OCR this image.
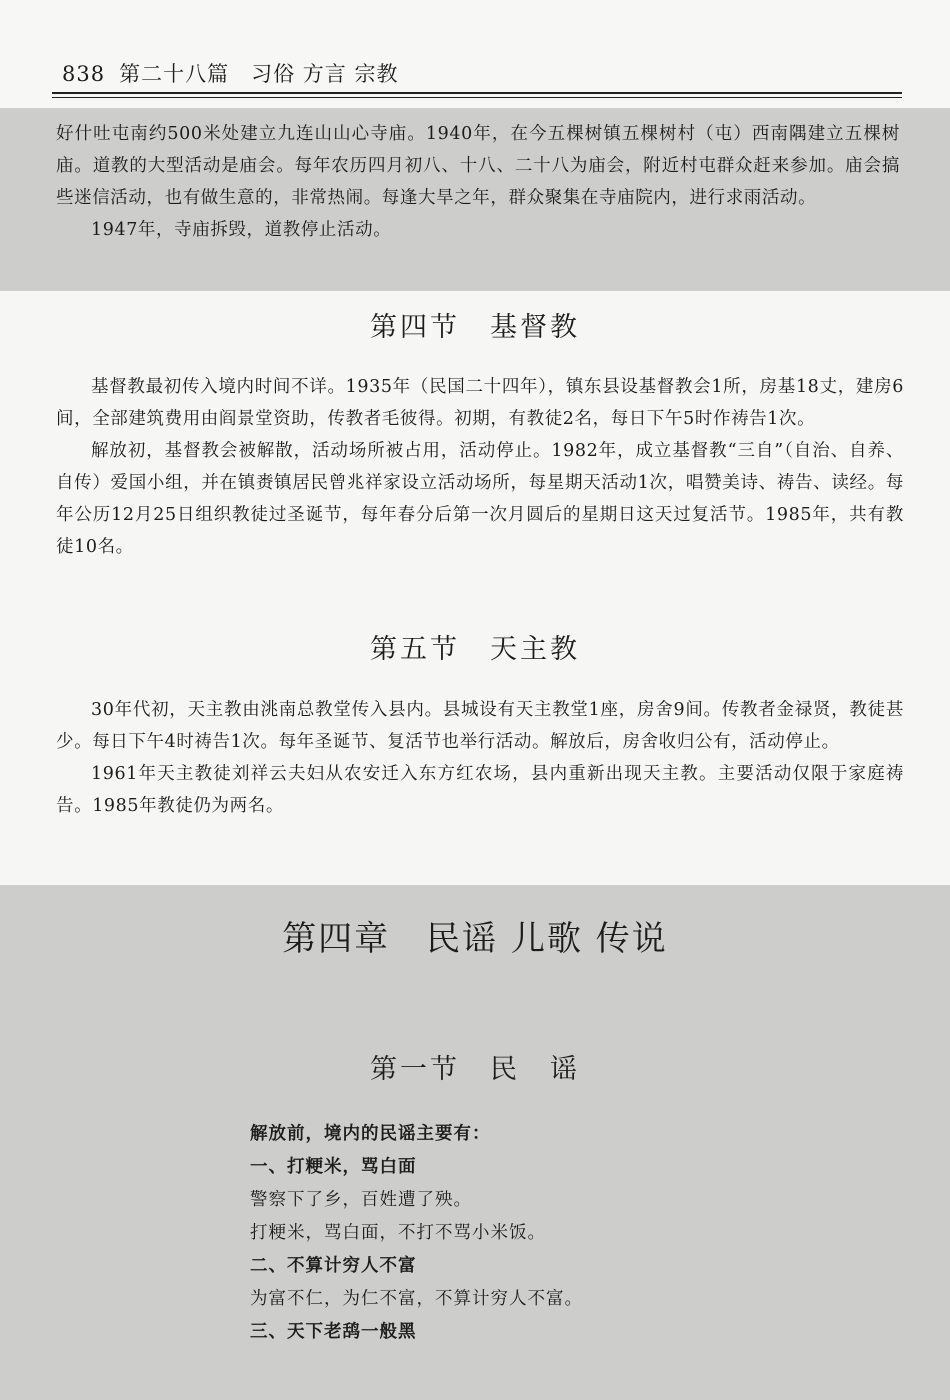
838 第二十八篇　习俗 方言 宗教

好什吐屯南约500米处建立九连山山心寺庙。1940年，在今五棵树镇五棵树村（屯）西南隅建立五棵树庙。道教的大型活动是庙会。每年农历四月初八、十八、二十八为庙会，附近村屯群众赶来参加。庙会搞些迷信活动，也有做生意的，非常热闹。每逢大旱之年，群众聚集在寺庙院内，进行求雨活动。

1947年，寺庙拆毁，道教停止活动。

第四节　基督教

基督教最初传入境内时间不详。1935年（民国二十四年），镇东县设基督教会1所，房基18丈，建房6间，全部建筑费用由阎景堂资助，传教者毛彼得。初期，有教徒2名，每日下午5时作祷告1次。

解放初，基督教会被解散，活动场所被占用，活动停止。1982年，成立基督教“三自”（自治、自养、自传）爱国小组，并在镇赉镇居民曾兆祥家设立活动场所，每星期天活动1次，唱赞美诗、祷告、读经。每年公历12月25日组织教徒过圣诞节，每年春分后第一次月圆后的星期日这天过复活节。1985年，共有教徒10名。

第五节　天主教

30年代初，天主教由洮南总教堂传入县内。县城设有天主教堂1座，房舍9间。传教者金禄贤，教徒甚少。每日下午4时祷告1次。每年圣诞节、复活节也举行活动。解放后，房舍收归公有，活动停止。

1961年天主教徒刘祥云夫妇从农安迁入东方红农场，县内重新出现天主教。主要活动仅限于家庭祷告。1985年教徒仍为两名。

第四章　民谣 儿歌 传说
第一节　民　谣

解放前，境内的民谣主要有：

一、打粳米，骂白面

警察下了乡，百姓遭了殃。

打粳米，骂白面，不打不骂小米饭。

二、不算计穷人不富

为富不仁，为仁不富，不算计穷人不富。

三、天下老鸹一般黑
